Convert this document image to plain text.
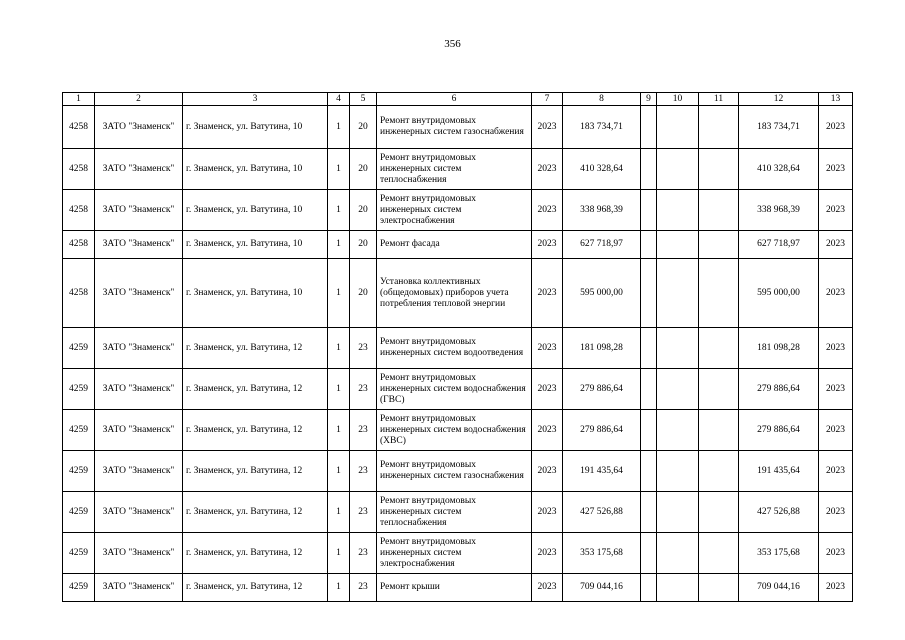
356
1	2	3	4	5	6	7	8	9	10	11	12	13
4258	ЗАТО "Знаменск"	г. Знаменск, ул. Ватутина, 10	1	20	Ремонт внутридомовых инженерных систем газоснабжения	2023	183 734,71				183 734,71	2023
4258	ЗАТО "Знаменск"	г. Знаменск, ул. Ватутина, 10	1	20	Ремонт внутридомовых инженерных систем теплоснабжения	2023	410 328,64				410 328,64	2023
4258	ЗАТО "Знаменск"	г. Знаменск, ул. Ватутина, 10	1	20	Ремонт внутридомовых инженерных систем электроснабжения	2023	338 968,39				338 968,39	2023
4258	ЗАТО "Знаменск"	г. Знаменск, ул. Ватутина, 10	1	20	Ремонт фасада	2023	627 718,97				627 718,97	2023
4258	ЗАТО "Знаменск"	г. Знаменск, ул. Ватутина, 10	1	20	Установка коллективных (общедомовых) приборов учета потребления тепловой энергии	2023	595 000,00				595 000,00	2023
4259	ЗАТО "Знаменск"	г. Знаменск, ул. Ватутина, 12	1	23	Ремонт внутридомовых инженерных систем водоотведения	2023	181 098,28				181 098,28	2023
4259	ЗАТО "Знаменск"	г. Знаменск, ул. Ватутина, 12	1	23	Ремонт внутридомовых инженерных систем водоснабжения (ГВС)	2023	279 886,64				279 886,64	2023
4259	ЗАТО "Знаменск"	г. Знаменск, ул. Ватутина, 12	1	23	Ремонт внутридомовых инженерных систем водоснабжения (ХВС)	2023	279 886,64				279 886,64	2023
4259	ЗАТО "Знаменск"	г. Знаменск, ул. Ватутина, 12	1	23	Ремонт внутридомовых инженерных систем газоснабжения	2023	191 435,64				191 435,64	2023
4259	ЗАТО "Знаменск"	г. Знаменск, ул. Ватутина, 12	1	23	Ремонт внутридомовых инженерных систем теплоснабжения	2023	427 526,88				427 526,88	2023
4259	ЗАТО "Знаменск"	г. Знаменск, ул. Ватутина, 12	1	23	Ремонт внутридомовых инженерных систем электроснабжения	2023	353 175,68				353 175,68	2023
4259	ЗАТО "Знаменск"	г. Знаменск, ул. Ватутина, 12	1	23	Ремонт крыши	2023	709 044,16				709 044,16	2023
